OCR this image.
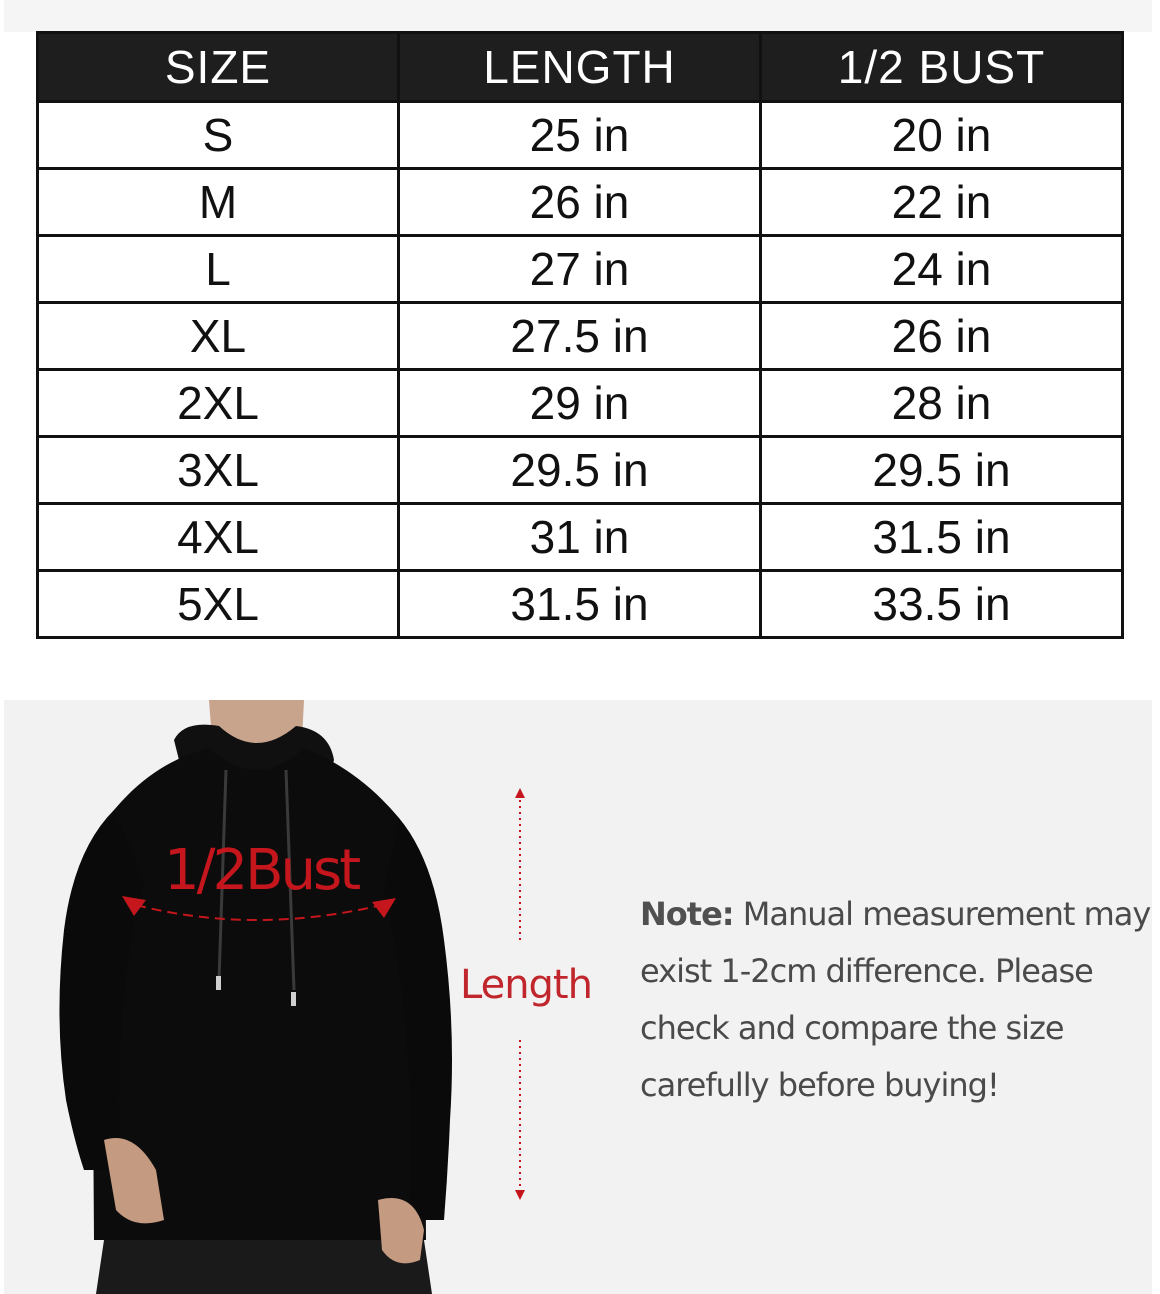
SIZE	LENGTH	1/2 BUST
S	25 in	20 in
M	26 in	22 in
L	27 in	24 in
XL	27.5 in	26 in
2XL	29 in	28 in
3XL	29.5 in	29.5 in
4XL	31 in	31.5 in
5XL	31.5 in	33.5 in
1/2Bust
Length
Note: Manual measurement may
exist 1-2cm difference. Please
check and compare the size
carefully before buying!
